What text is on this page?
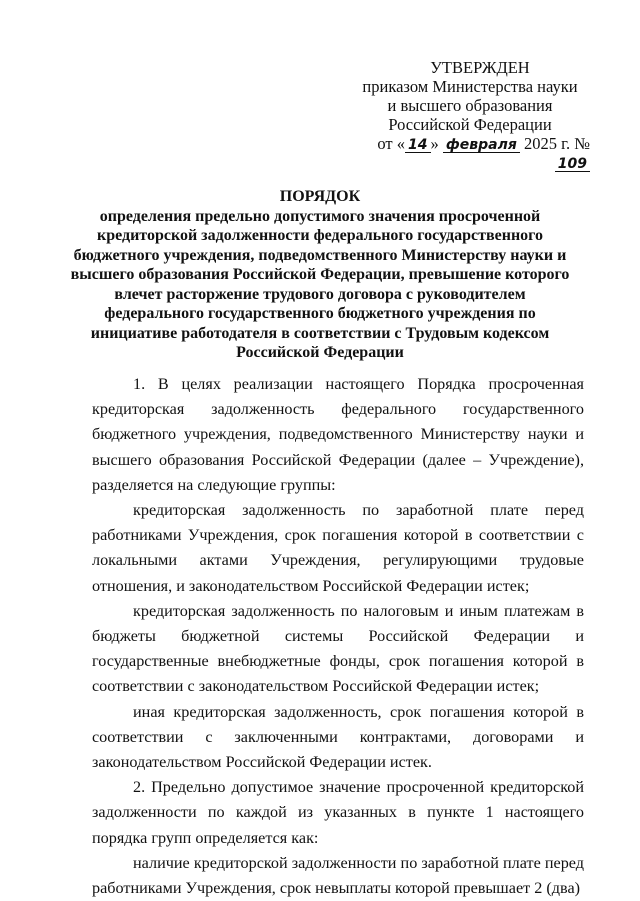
УТВЕРЖДЕН
приказом Министерства науки
и высшего образования
Российской Федерации
от « 14 » февраля 2025 г. № 109
ПОРЯДОК
определения предельно допустимого значения просроченной кредиторской задолженности федерального государственного бюджетного учреждения, подведомственного Министерству науки и высшего образования Российской Федерации, превышение которого влечет расторжение трудового договора с руководителем федерального государственного бюджетного учреждения по инициативе работодателя в соответствии с Трудовым кодексом Российской Федерации

1. В целях реализации настоящего Порядка просроченная кредиторская задолженность федерального государственного бюджетного учреждения, подведомственного Министерству науки и высшего образования Российской Федерации (далее – Учреждение), разделяется на следующие группы:

кредиторская задолженность по заработной плате перед работниками Учреждения, срок погашения которой в соответствии с локальными актами Учреждения, регулирующими трудовые отношения, и законодательством Российской Федерации истек;

кредиторская задолженность по налоговым и иным платежам в бюджеты бюджетной системы Российской Федерации и государственные внебюджетные фонды, срок погашения которой в соответствии с законодательством Российской Федерации истек;

иная кредиторская задолженность, срок погашения которой в соответствии с заключенными контрактами, договорами и законодательством Российской Федерации истек.

2. Предельно допустимое значение просроченной кредиторской задолженности по каждой из указанных в пункте 1 настоящего порядка групп определяется как:

наличие кредиторской задолженности по заработной плате перед работниками Учреждения, срок невыплаты которой превышает 2 (два)
